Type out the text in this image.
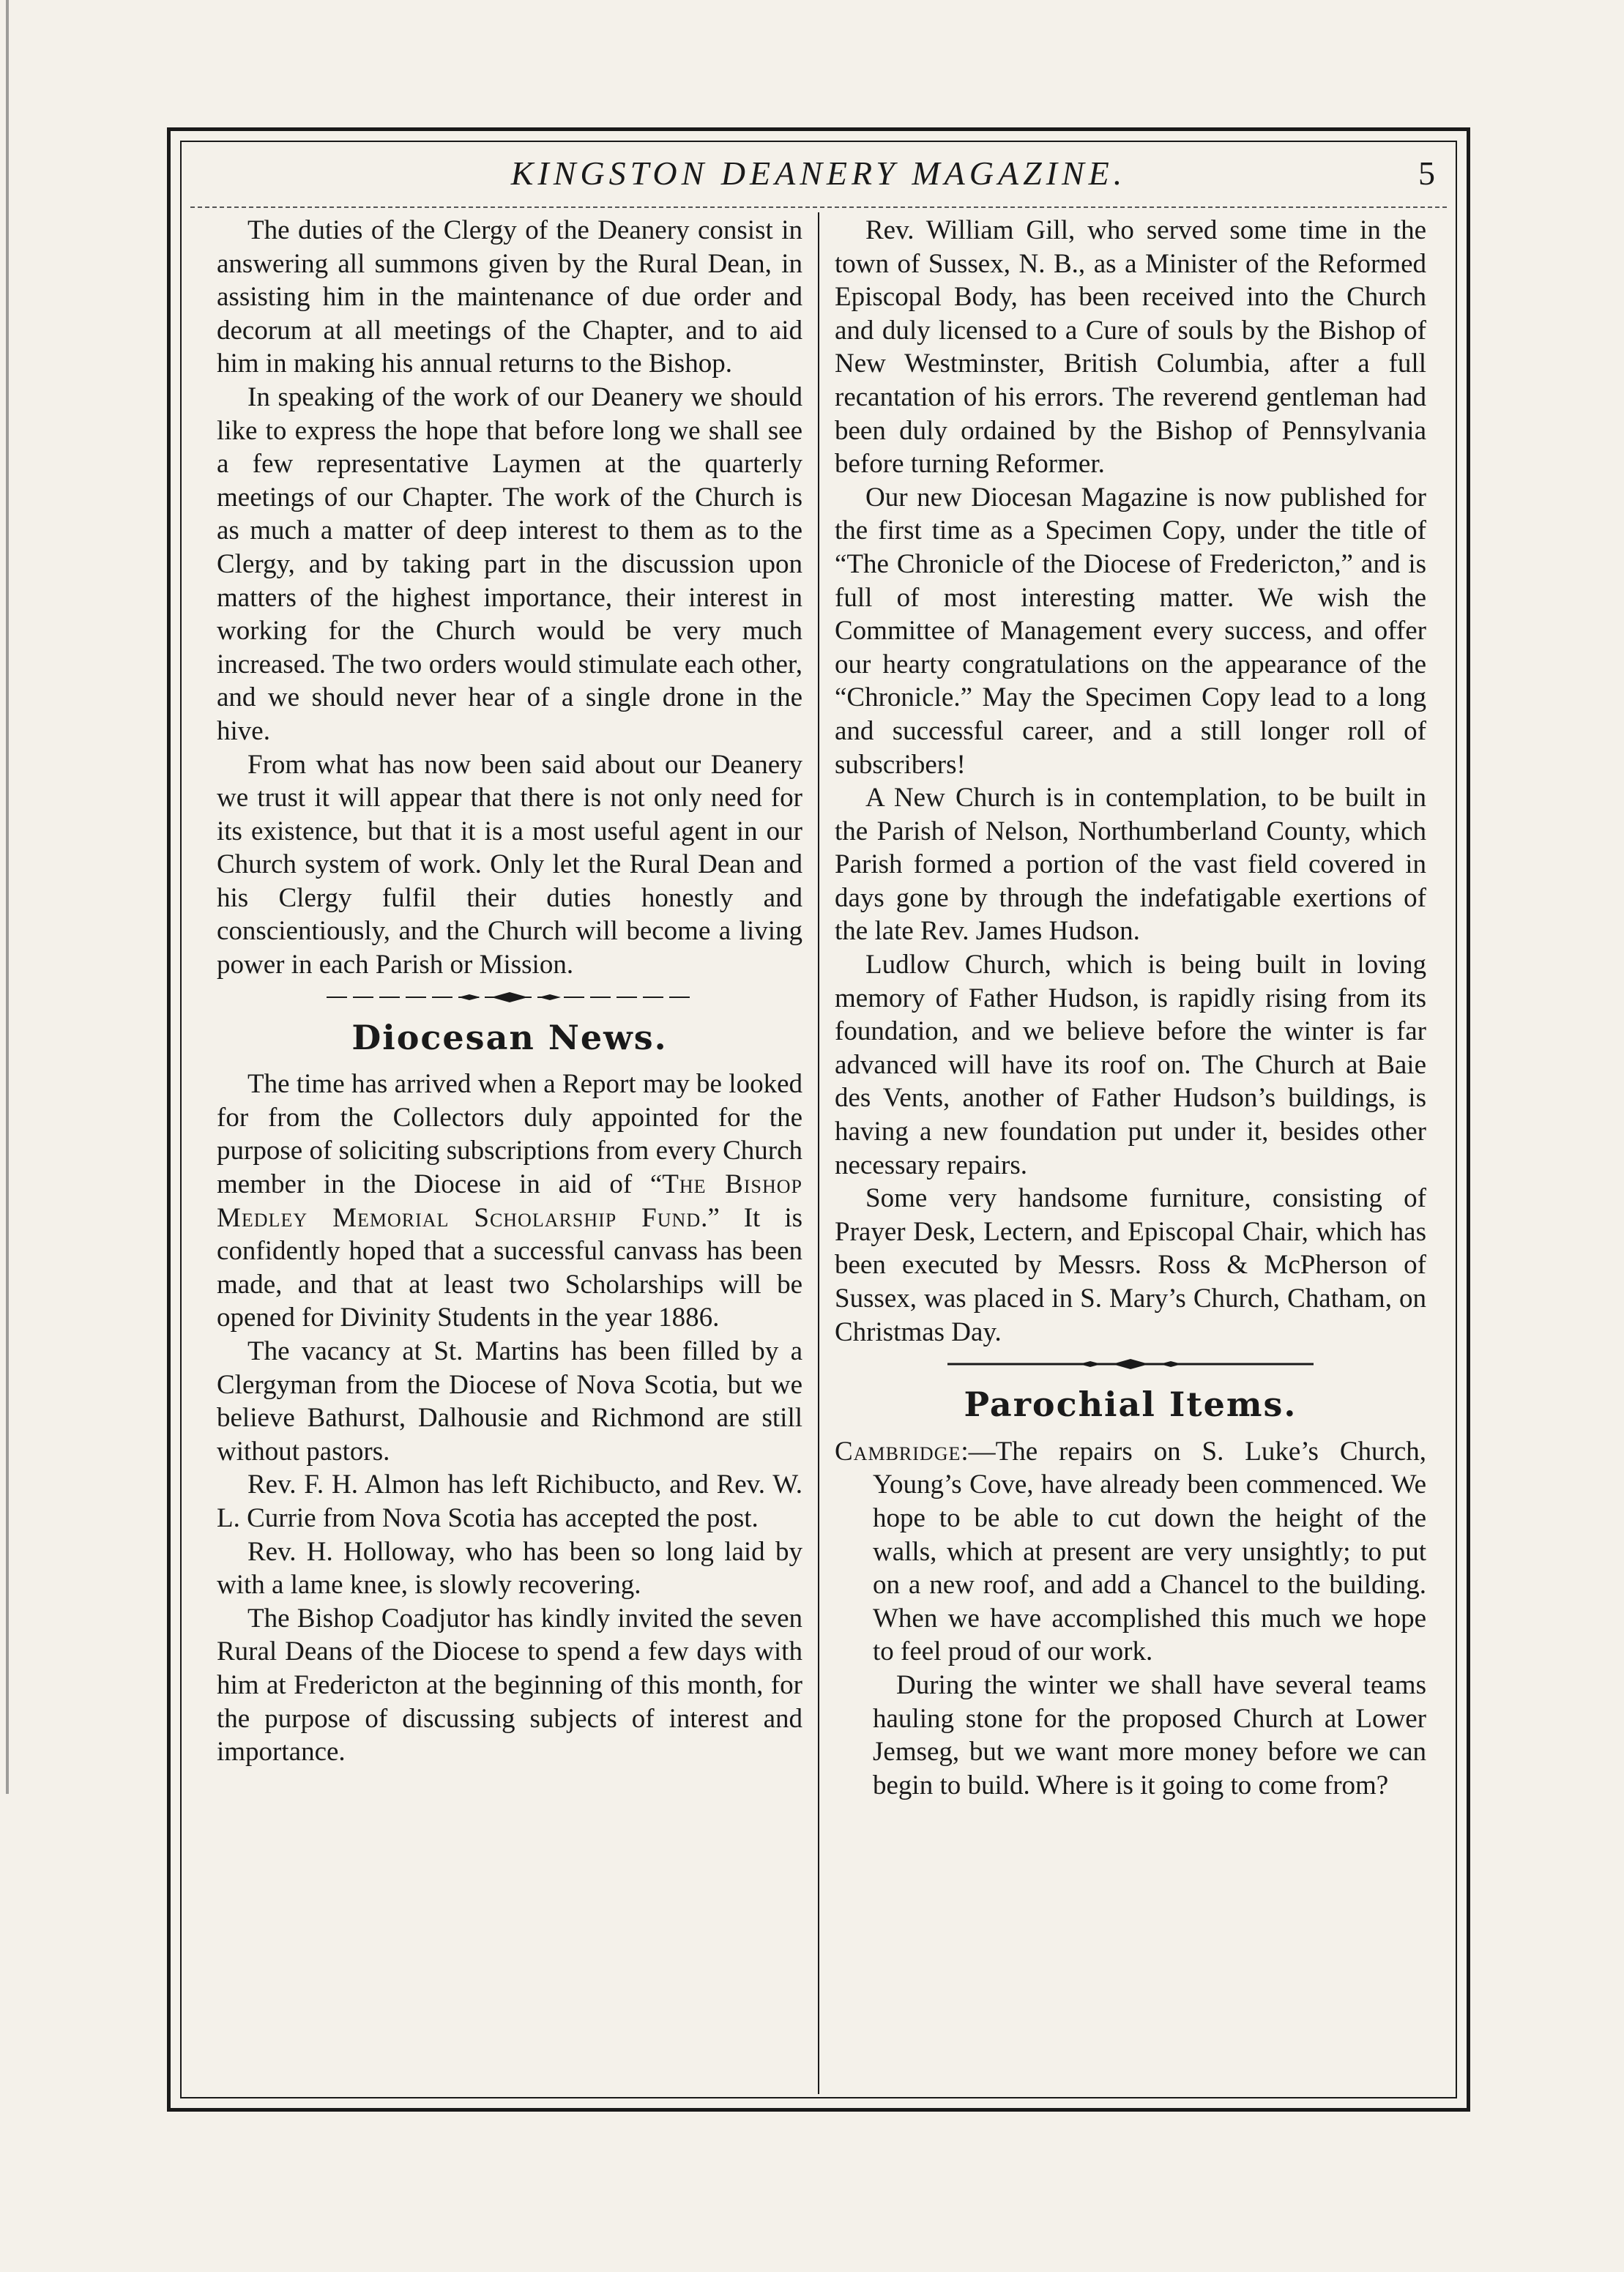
KINGSTON DEANERY MAGAZINE.	5

The duties of the Clergy of the Deanery consist in answering all summons given by the Rural Dean, in assisting him in the maintenance of due order and decorum at all meetings of the Chapter, and to aid him in making his annual returns to the Bishop.

In speaking of the work of our Deanery we should like to express the hope that before long we shall see a few representative Laymen at the quarterly meetings of our Chapter. The work of the Church is as much a matter of deep interest to them as to the Clergy, and by taking part in the discussion upon matters of the highest importance, their interest in working for the Church would be very much increased. The two orders would stimulate each other, and we should never hear of a single drone in the hive.

From what has now been said about our Deanery we trust it will appear that there is not only need for its existence, but that it is a most useful agent in our Church system of work. Only let the Rural Dean and his Clergy fulfil their duties honestly and conscientiously, and the Church will become a living power in each Parish or Mission.

Diocesan News.

The time has arrived when a Report may be looked for from the Collectors duly appointed for the purpose of soliciting subscriptions from every Church member in the Diocese in aid of “The Bishop Medley Memorial Scholarship Fund.” It is confidently hoped that a successful canvass has been made, and that at least two Scholarships will be opened for Divinity Students in the year 1886.

The vacancy at St. Martins has been filled by a Clergyman from the Diocese of Nova Scotia, but we believe Bathurst, Dalhousie and Richmond are still without pastors.

Rev. F. H. Almon has left Richibucto, and Rev. W. L. Currie from Nova Scotia has accepted the post.

Rev. H. Holloway, who has been so long laid by with a lame knee, is slowly recovering.

The Bishop Coadjutor has kindly invited the seven Rural Deans of the Diocese to spend a few days with him at Fredericton at the beginning of this month, for the purpose of discussing subjects of interest and importance.

Rev. William Gill, who served some time in the town of Sussex, N. B., as a Minister of the Reformed Episcopal Body, has been received into the Church and duly licensed to a Cure of souls by the Bishop of New Westminster, British Columbia, after a full recantation of his errors. The reverend gentleman had been duly ordained by the Bishop of Pennsylvania before turning Reformer.

Our new Diocesan Magazine is now published for the first time as a Specimen Copy, under the title of “The Chronicle of the Diocese of Fredericton,” and is full of most interesting matter. We wish the Committee of Management every success, and offer our hearty congratulations on the appearance of the “Chronicle.” May the Specimen Copy lead to a long and successful career, and a still longer roll of subscribers!

A New Church is in contemplation, to be built in the Parish of Nelson, Northumberland County, which Parish formed a portion of the vast field covered in days gone by through the indefatigable exertions of the late Rev. James Hudson.

Ludlow Church, which is being built in loving memory of Father Hudson, is rapidly rising from its foundation, and we believe before the winter is far advanced will have its roof on. The Church at Baie des Vents, another of Father Hudson’s buildings, is having a new foundation put under it, besides other necessary repairs.

Some very handsome furniture, consisting of Prayer Desk, Lectern, and Episcopal Chair, which has been executed by Messrs. Ross & McPherson of Sussex, was placed in S. Mary’s Church, Chatham, on Christmas Day.

Parochial Items.

Cambridge:—The repairs on S. Luke’s Church, Young’s Cove, have already been commenced. We hope to be able to cut down the height of the walls, which at present are very unsightly; to put on a new roof, and add a Chancel to the building. When we have accomplished this much we hope to feel proud of our work.

During the winter we shall have several teams hauling stone for the proposed Church at Lower Jemseg, but we want more money before we can begin to build. Where is it going to come from?
